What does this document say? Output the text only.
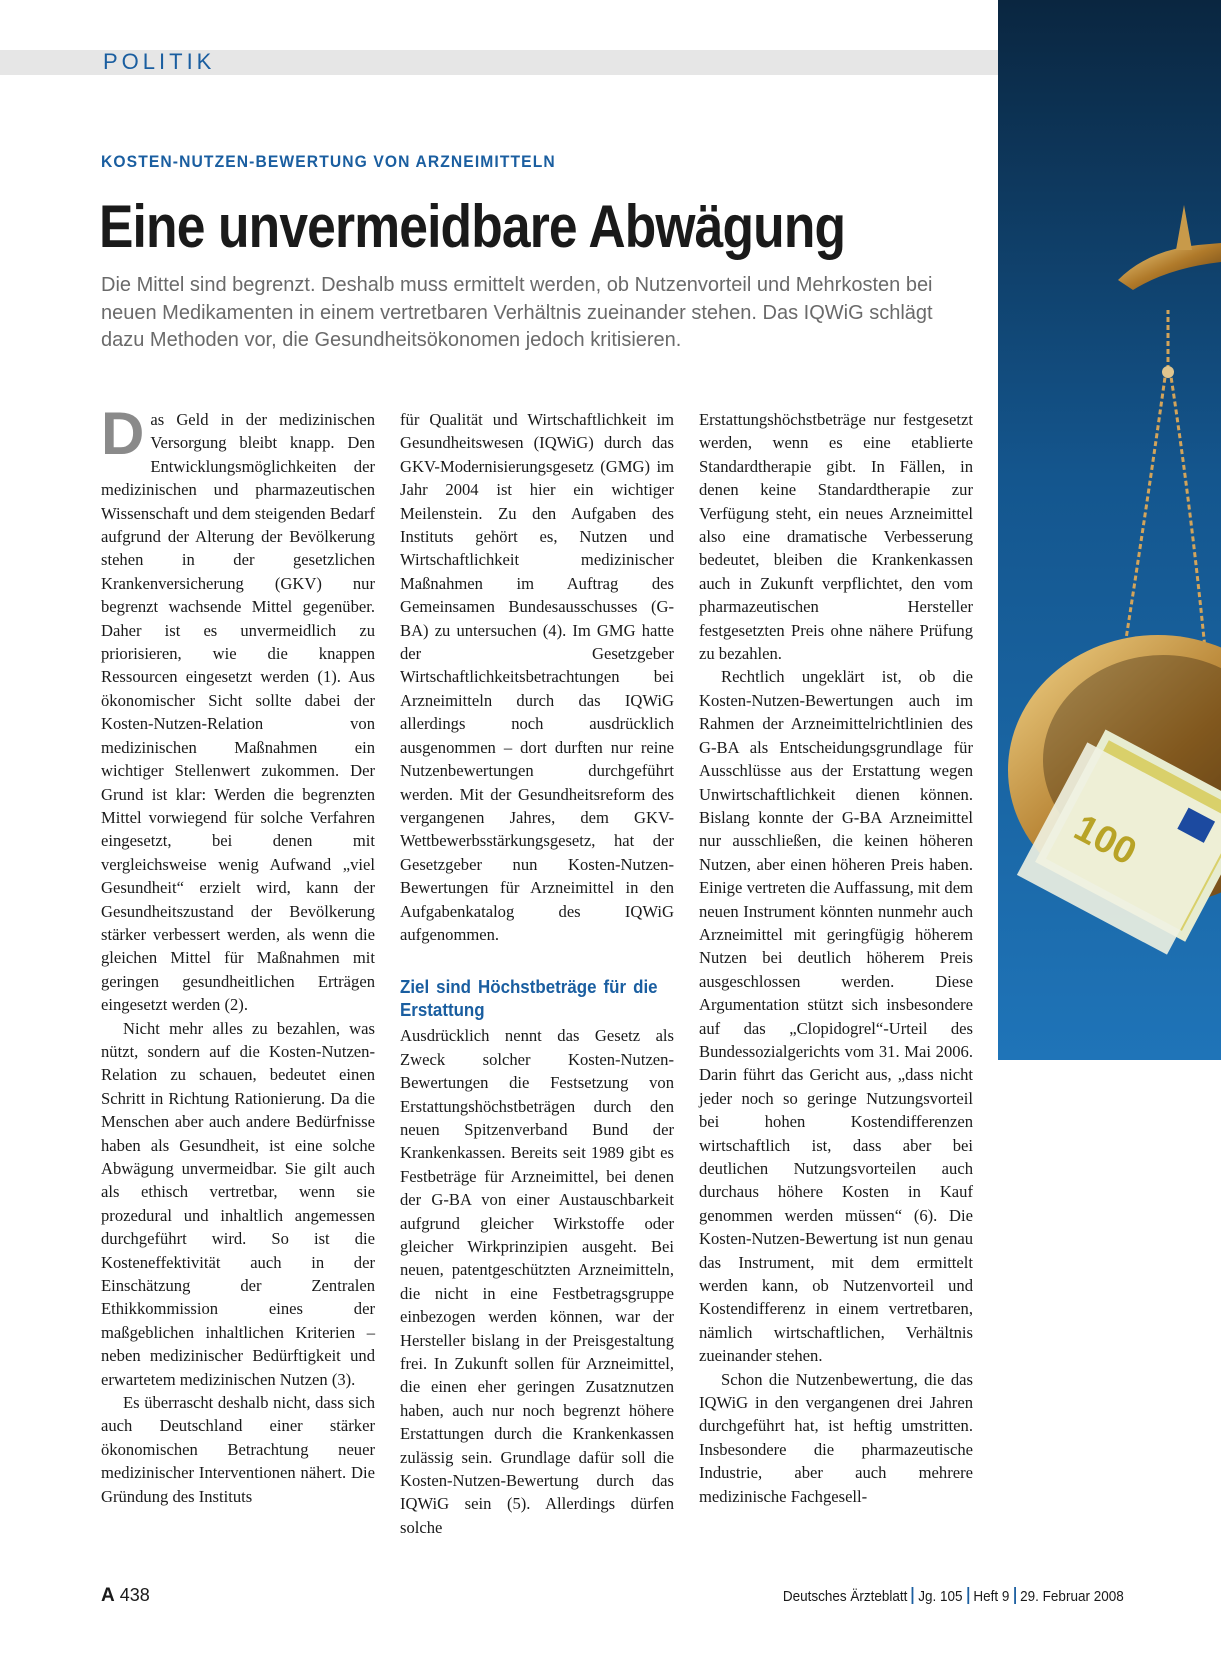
POLITIK
100
KOSTEN-NUTZEN-BEWERTUNG VON ARZNEIMITTELN
Eine unvermeidbare Abwägung
Die Mittel sind begrenzt. Deshalb muss ermittelt werden, ob Nutzenvorteil und Mehrkosten bei neuen Medikamenten in einem vertretbaren Verhältnis zueinander stehen. Das IQWiG schlägt dazu Methoden vor, die Gesundheitsökonomen jedoch kritisieren.

Das Geld in der medizinischen Versorgung bleibt knapp. Den Entwicklungsmöglichkeiten der medizinischen und pharmazeutischen Wissenschaft und dem steigenden Bedarf aufgrund der Alterung der Bevölkerung stehen in der gesetzlichen Krankenversicherung (GKV) nur begrenzt wachsende Mittel gegenüber. Daher ist es unvermeidlich zu priorisieren, wie die knappen Ressourcen eingesetzt werden (1). Aus ökonomischer Sicht sollte dabei der Kosten-Nutzen-Relation von medizinischen Maßnahmen ein wichtiger Stellenwert zukommen. Der Grund ist klar: Werden die begrenzten Mittel vorwiegend für solche Verfahren eingesetzt, bei denen mit vergleichsweise wenig Aufwand „viel Gesundheit“ erzielt wird, kann der Gesundheitszustand der Bevölkerung stärker verbessert werden, als wenn die gleichen Mittel für Maßnahmen mit geringen gesundheitlichen Erträgen eingesetzt werden (2).

Nicht mehr alles zu bezahlen, was nützt, sondern auf die Kosten-Nutzen-Relation zu schauen, bedeutet einen Schritt in Richtung Rationierung. Da die Menschen aber auch andere Bedürfnisse haben als Gesundheit, ist eine solche Abwägung unvermeidbar. Sie gilt auch als ethisch vertretbar, wenn sie prozedural und inhaltlich angemessen durchgeführt wird. So ist die Kosteneffektivität auch in der Einschätzung der Zentralen Ethikkommission eines der maßgeblichen inhaltlichen Kriterien – neben medizinischer Bedürftigkeit und erwartetem medizinischen Nutzen (3).

Es überrascht deshalb nicht, dass sich auch Deutschland einer stärker ökonomischen Betrachtung neuer medizinischer Interventionen nähert. Die Gründung des Instituts

für Qualität und Wirtschaftlichkeit im Gesundheitswesen (IQWiG) durch das GKV-Modernisierungsgesetz (GMG) im Jahr 2004 ist hier ein wichtiger Meilenstein. Zu den Aufgaben des Instituts gehört es, Nutzen und Wirtschaftlichkeit medizinischer Maßnahmen im Auftrag des Gemeinsamen Bundesausschusses (G-BA) zu untersuchen (4). Im GMG hatte der Gesetzgeber Wirtschaftlichkeitsbetrachtungen bei Arzneimitteln durch das IQWiG allerdings noch ausdrücklich ausgenommen – dort durften nur reine Nutzenbewertungen durchgeführt werden. Mit der Gesundheitsreform des vergangenen Jahres, dem GKV-Wettbewerbsstärkungsgesetz, hat der Gesetzgeber nun Kosten-Nutzen-Bewertungen für Arzneimittel in den Aufgabenkatalog des IQWiG aufgenommen.

Ziel sind Höchstbeträge für die Erstattung

Ausdrücklich nennt das Gesetz als Zweck solcher Kosten-Nutzen-Bewertungen die Festsetzung von Erstattungshöchstbeträgen durch den neuen Spitzenverband Bund der Krankenkassen. Bereits seit 1989 gibt es Festbeträge für Arzneimittel, bei denen der G-BA von einer Austauschbarkeit aufgrund gleicher Wirkstoffe oder gleicher Wirkprinzipien ausgeht. Bei neuen, patentgeschützten Arzneimitteln, die nicht in eine Festbetragsgruppe einbezogen werden können, war der Hersteller bislang in der Preisgestaltung frei. In Zukunft sollen für Arzneimittel, die einen eher geringen Zusatznutzen haben, auch nur noch begrenzt höhere Erstattungen durch die Krankenkassen zulässig sein. Grundlage dafür soll die Kosten-Nutzen-Bewertung durch das IQWiG sein (5). Allerdings dürfen solche

Erstattungshöchstbeträge nur festgesetzt werden, wenn es eine etablierte Standardtherapie gibt. In Fällen, in denen keine Standardtherapie zur Verfügung steht, ein neues Arzneimittel also eine dramatische Verbesserung bedeutet, bleiben die Krankenkassen auch in Zukunft verpflichtet, den vom pharmazeutischen Hersteller festgesetzten Preis ohne nähere Prüfung zu bezahlen.

Rechtlich ungeklärt ist, ob die Kosten-Nutzen-Bewertungen auch im Rahmen der Arzneimittelrichtlinien des G-BA als Entscheidungsgrundlage für Ausschlüsse aus der Erstattung wegen Unwirtschaftlichkeit dienen können. Bislang konnte der G-BA Arzneimittel nur ausschließen, die keinen höheren Nutzen, aber einen höheren Preis haben. Einige vertreten die Auffassung, mit dem neuen Instrument könnten nunmehr auch Arzneimittel mit geringfügig höherem Nutzen bei deutlich höherem Preis ausgeschlossen werden. Diese Argumentation stützt sich insbesondere auf das „Clopidogrel“-Urteil des Bundessozialgerichts vom 31. Mai 2006. Darin führt das Gericht aus, „dass nicht jeder noch so geringe Nutzungsvorteil bei hohen Kostendifferenzen wirtschaftlich ist, dass aber bei deutlichen Nutzungsvorteilen auch durchaus höhere Kosten in Kauf genommen werden müssen“ (6). Die Kosten-Nutzen-Bewertung ist nun genau das Instrument, mit dem ermittelt werden kann, ob Nutzenvorteil und Kostendifferenz in einem vertretbaren, nämlich wirtschaftlichen, Verhältnis zueinander stehen.

Schon die Nutzenbewertung, die das IQWiG in den vergangenen drei Jahren durchgeführt hat, ist heftig umstritten. Insbesondere die pharmazeutische Industrie, aber auch mehrere medizinische Fachgesell-

A 438	Deutsches Ärzteblatt Jg. 105 Heft 9 29. Februar 2008
